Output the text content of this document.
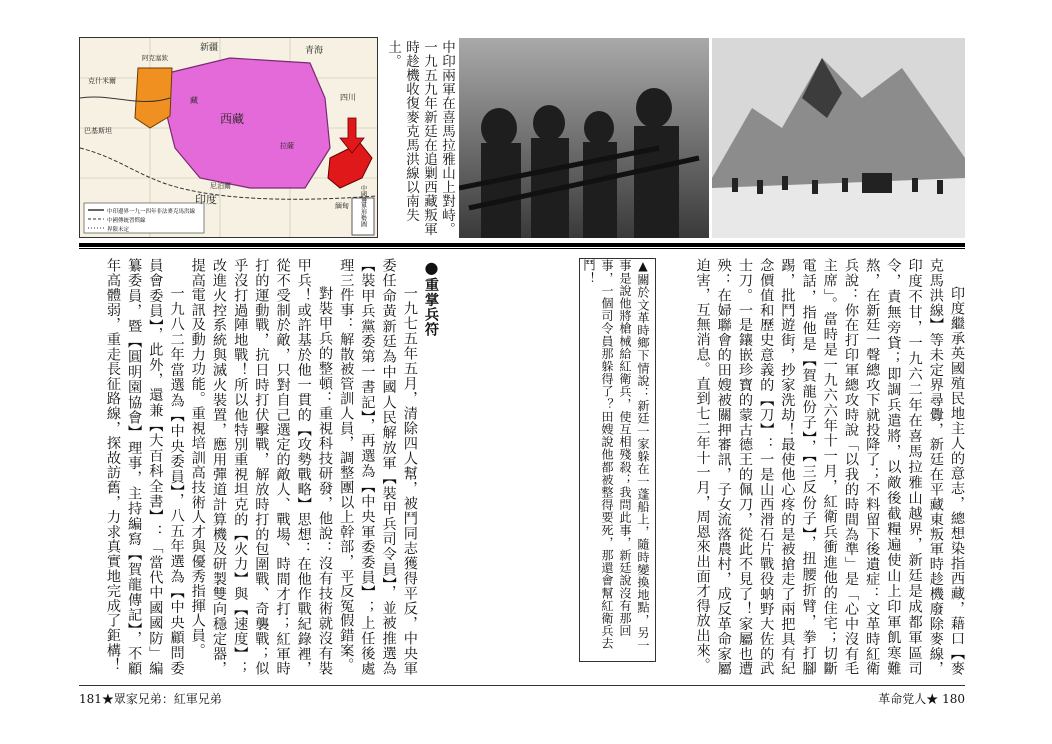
中印邊界一九一四年非法麥克馬洪線
中國傳統習慣線
界限未定
中國邊界形勢圖
新疆
西藏
青海
印度
尼泊爾
克什米爾
藏	四川
緬甸
巴基斯坦
阿克塞欽
拉薩	中印兩軍在喜馬拉雅山上對峙。一九五九年新廷在追剿西藏叛軍時趁機收復麥克馬洪線以南失土。

印度繼承英國殖民地主人的意志，總想染指西藏，藉口【麥克馬洪線】等未定界尋釁，新廷在平藏東叛軍時趁機廢除麥線，印度不甘，一九六二年在喜馬拉雅山越界，新廷是成都軍區司令，責無旁貸；即調兵遣將，以敵後截糧遍使山上印軍飢寒難熬，在新廷一聲總攻下就投降了；不料留下後遺症：文革時紅衛兵說：你在打印軍總攻時說「以我的時間為準」是「心中沒有毛主席」。當時是一九六六年十一月，紅衛兵衝進他的住宅；切斷電話，指他是【賀龍份子】，【三反份子】，扭腰折臂，拳打腳踢，批鬥遊街，抄家洗劫！最使他心疼的是被搶走了兩把具有紀念價值和歷史意義的【刀】：一是山西滑石片戰役蚋野大佐的武士刀。一是鑲嵌珍寶的蒙古德王的佩刀，從此不見了！家屬也遭殃：在婦聯會的田嫂被關押審訊，子女流落農村，成反革命家屬迫害，互無消息。直到七二年十一月，周恩來出面才得放出來。

▲關於文革時鄉下情說：新廷一家躲在一蓬船上，隨時變換地點，另一事是說他將槍械給紅衛兵，使互相殘殺；我問此事，新廷說沒有那回事，一個司令員那躲得了？田嫂說他都被整得要死，那還會幫紅衛兵去鬥！

●重掌兵符

一九七五年五月，清除四人幫，被鬥同志獲得平反，中央軍委任命黃新廷為中國人民解放軍【裝甲兵司令員】，並被推選為【裝甲兵黨委第一書記】，再選為【中央軍委委員】；上任後處理三件事：解散被管訓人員，調整團以上幹部，平反冤假錯案。

對裝甲兵的整頓：重視科技研發，他說：沒有技術就沒有裝甲兵！或許基於他一貫的【攻勢戰略】思想：在他作戰紀錄裡，從不受制於敵，只對自己選定的敵人、戰場、時間才打；紅軍時打的運動戰，抗日時打伏擊戰，解放時打的包圍戰、奇襲戰；似乎沒打過陣地戰！所以他特別重視坦克的【火力】與【速度】；改進火控系統與滅火裝置，應用彈道計算機及研製雙向穩定器，提高電訊及動力功能。重視培訓高技術人才與優秀指揮人員。

一九八二年當選為【中央委員】，八五年選為【中央顧問委員會委員】，此外，還兼【大百科全書】：「當代中國國防」編纂委員，暨【圓明園協會】理事，主持編寫【賀龍傳記】，不顧年高體弱，重走長征路線，探故訪舊，力求真實地完成了鉅構！

181★眾家兄弟：紅軍兄弟	革命党人★ 180
